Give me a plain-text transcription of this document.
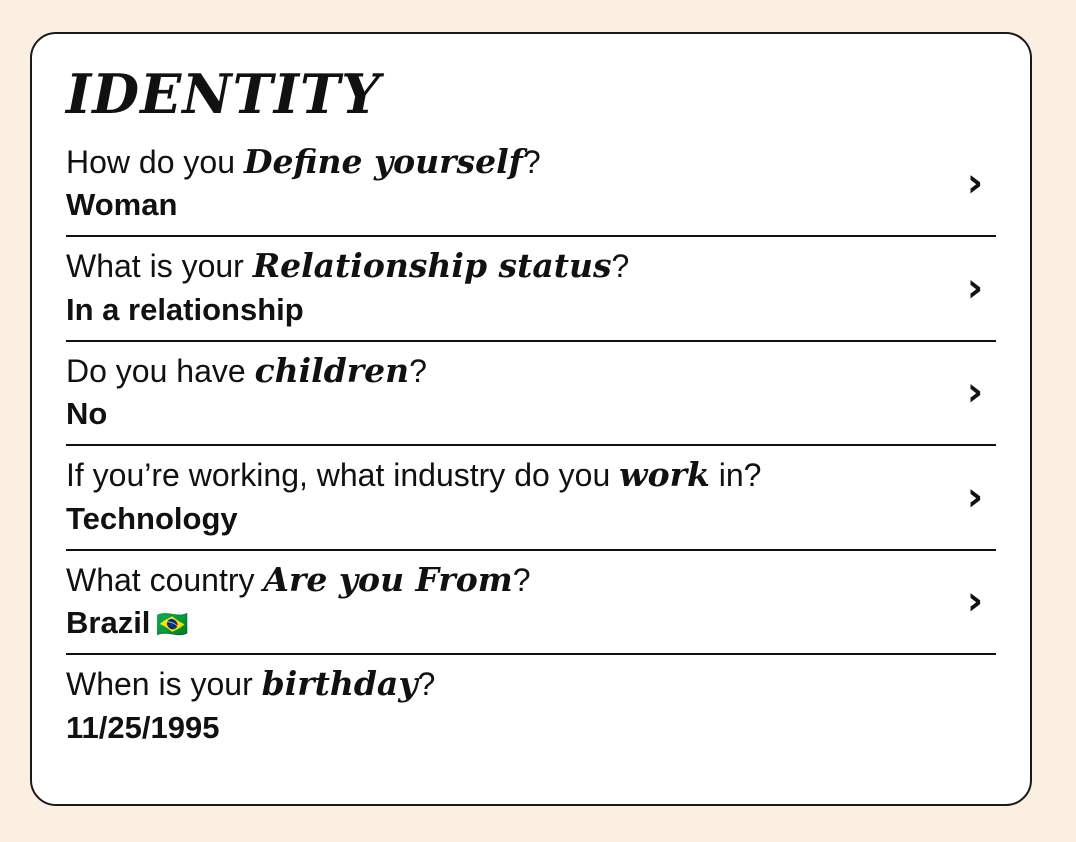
IDENTITY
How do you Define yourself?
Woman	›
What is your Relationship status?
In a relationship	›
Do you have children?
No	›
If you’re working, what industry do you work in?
Technology	›
What country Are you From?
Brazil 🇧🇷	›
When is your birthday?
11/25/1995
